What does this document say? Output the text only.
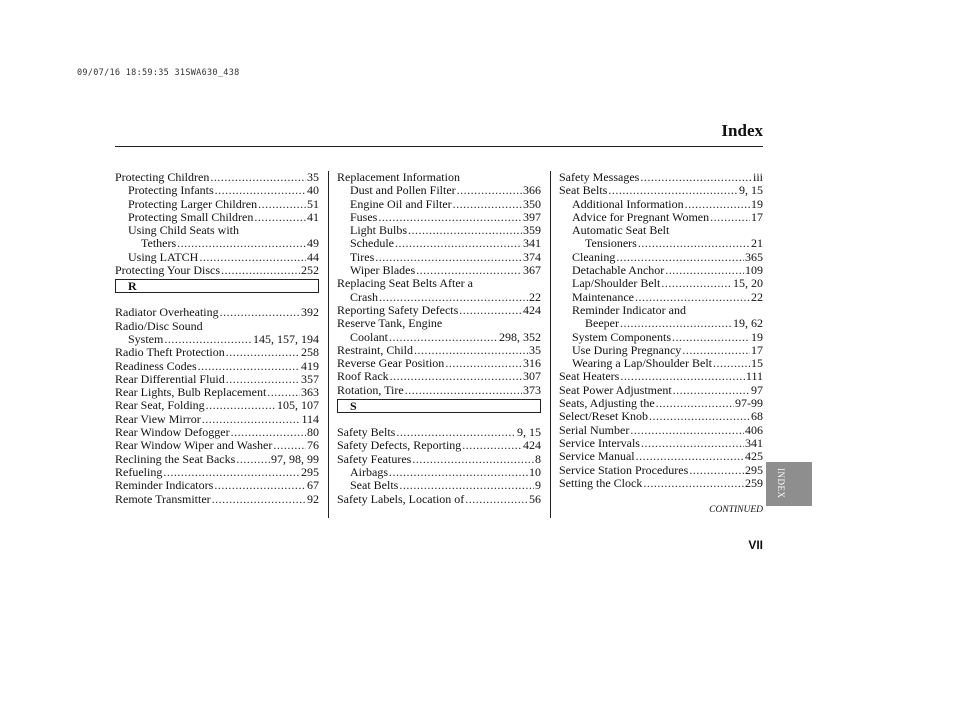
09/07/16 18:59:35 31SWA630_438
Index
Protecting Children .....	35
Protecting Infants .....	40
Protecting Larger Children .....	51
Protecting Small Children .....	41
Using Child Seats with
Tethers .....	49
Using LATCH .....	44
Protecting Your Discs .....	252
R
Radiator Overheating .....	392
Radio/Disc Sound
System .....	145, 157, 194
Radio Theft Protection .....	258
Readiness Codes .....	419
Rear Differential Fluid .....	357
Rear Lights, Bulb Replacement .....	363
Rear Seat, Folding .....	105, 107
Rear View Mirror .....	114
Rear Window Defogger .....	80
Rear Window Wiper and Washer .....	76
Reclining the Seat Backs .....	97, 98, 99
Refueling .....	295
Reminder Indicators .....	67
Remote Transmitter .....	92
Replacement Information
Dust and Pollen Filter .....	366
Engine Oil and Filter .....	350
Fuses .....	397
Light Bulbs .....	359
Schedule .....	341
Tires .....	374
Wiper Blades .....	367
Replacing Seat Belts After a
Crash .....	22
Reporting Safety Defects .....	424
Reserve Tank, Engine
Coolant .....	298, 352
Restraint, Child .....	35
Reverse Gear Position .....	316
Roof Rack .....	307
Rotation, Tire .....	373
S
Safety Belts .....	9, 15
Safety Defects, Reporting .....	424
Safety Features .....	8
Airbags .....	10
Seat Belts .....	9
Safety Labels, Location of .....	56
Safety Messages .....	iii
Seat Belts .....	9, 15
Additional Information .....	19
Advice for Pregnant Women .....	17
Automatic Seat Belt
Tensioners .....	21
Cleaning .....	365
Detachable Anchor .....	109
Lap/Shoulder Belt .....	15, 20
Maintenance .....	22
Reminder Indicator and
Beeper .....	19, 62
System Components .....	19
Use During Pregnancy .....	17
Wearing a Lap/Shoulder Belt .....	15
Seat Heaters .....	111
Seat Power Adjustment .....	97
Seats, Adjusting the .....	97-99
Select/Reset Knob .....	68
Serial Number .....	406
Service Intervals .....	341
Service Manual .....	425
Service Station Procedures .....	295
Setting the Clock .....	259 INDEX
CONTINUED
VII
